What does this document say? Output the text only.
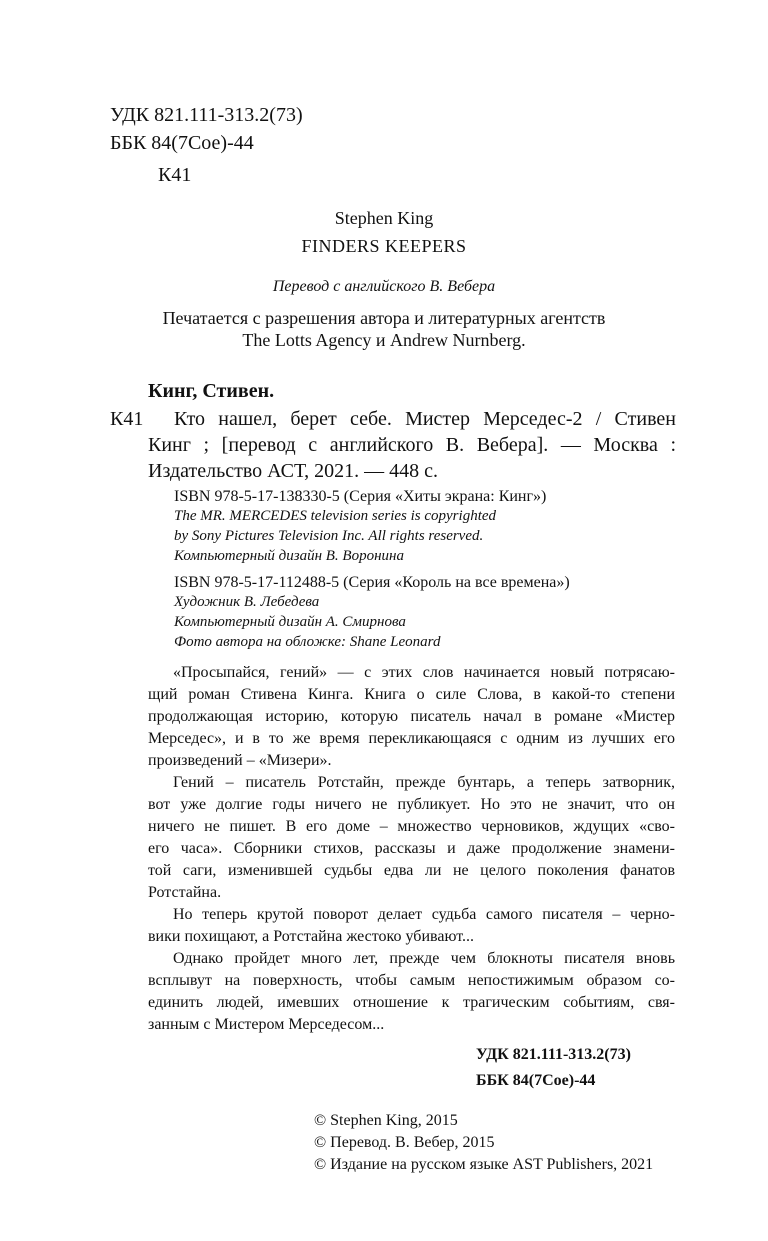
УДК 821.111-313.2(73)
ББК 84(7Сое)-44
К41
Stephen King
FINDERS KEEPERS
Перевод с английского В. Вебера
Печатается с разрешения автора и литературных агентств
The Lotts Agency и Andrew Nurnberg.
Кинг, Стивен.
К41 Кто нашел, берет себе. Мистер Мерседес-2 / Стивен
Кинг ; [перевод с английского В. Вебера]. — Москва :
Издательство АСТ, 2021. — 448 с.
ISBN 978-5-17-138330-5 (Серия «Хиты экрана: Кинг»)
The MR. MERCEDES television series is copyrighted
by Sony Pictures Television Inc. All rights reserved.
Компьютерный дизайн В. Воронина
ISBN 978-5-17-112488-5 (Серия «Король на все времена»)
Художник В. Лебедева
Компьютерный дизайн А. Смирнова
Фото автора на обложке: Shane Leonard
«Просыпайся, гений» — с этих слов начинается новый потрясаю-
щий роман Стивена Кинга. Книга о силе Слова, в какой-то степени
продолжающая историю, которую писатель начал в романе «Мистер
Мерседес», и в то же время перекликающаяся с одним из лучших его
произведений – «Мизери».
Гений – писатель Ротстайн, прежде бунтарь, а теперь затворник,
вот уже долгие годы ничего не публикует. Но это не значит, что он
ничего не пишет. В его доме – множество черновиков, ждущих «сво-
его часа». Сборники стихов, рассказы и даже продолжение знамени-
той саги, изменившей судьбы едва ли не целого поколения фанатов
Ротстайна.
Но теперь крутой поворот делает судьба самого писателя – черно-
вики похищают, а Ротстайна жестоко убивают...
Однако пройдет много лет, прежде чем блокноты писателя вновь
всплывут на поверхность, чтобы самым непостижимым образом со-
единить людей, имевших отношение к трагическим событиям, свя-
занным с Мистером Мерседесом...
УДК 821.111-313.2(73)
ББК 84(7Сое)-44
© Stephen King, 2015
© Перевод. В. Вебер, 2015
© Издание на русском языке AST Publishers, 2021
